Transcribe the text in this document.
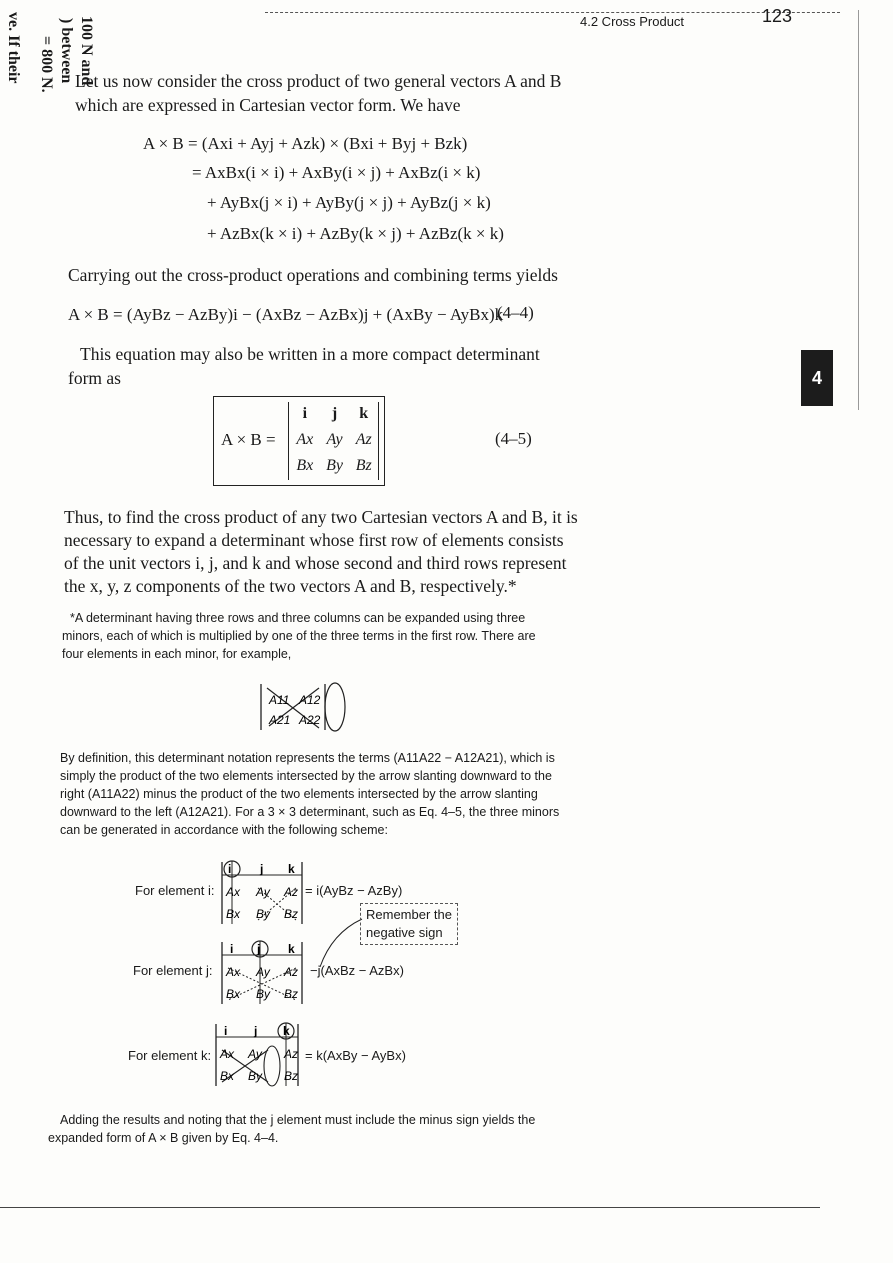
4.2 Cross Product	123
100 N and
) between
= 800 N.
ve. If their	Let us now consider the cross product of two general vectors A and B
which are expressed in Cartesian vector form. We have
A × B = (Axi + Ayj + Azk) × (Bxi + Byj + Bzk)
= AxBx(i × i) + AxBy(i × j) + AxBz(i × k)
+ AyBx(j × i) + AyBy(j × j) + AyBz(j × k)
+ AzBx(k × i) + AzBy(k × j) + AzBz(k × k)
Carrying out the cross-product operations and combining terms yields
A × B = (AyBz − AzBy)i − (AxBz − AzBx)j + (AxBy − AyBx)k
(4–4)
This equation may also be written in a more compact determinant
form as
A × B =
i	j	k
Ax	Ay	Az
Bx	By	Bz
(4–5)
4
Thus, to find the cross product of any two Cartesian vectors A and B, it is
necessary to expand a determinant whose first row of elements consists
of the unit vectors i, j, and k and whose second and third rows represent
the x, y, z components of the two vectors A and B, respectively.*
*A determinant having three rows and three columns can be expanded using three
minors, each of which is multiplied by one of the three terms in the first row. There are
four elements in each minor, for example,
A11 A12
A21 A22
By definition, this determinant notation represents the terms (A11A22 − A12A21), which is
simply the product of the two elements intersected by the arrow slanting downward to the
right (A11A22) minus the product of the two elements intersected by the arrow slanting
downward to the left (A12A21). For a 3 × 3 determinant, such as Eq. 4–5, the three minors
can be generated in accordance with the following scheme:
For element i:
i j k
Ax Ay Az
Bx By Bz
= i(AyBz − AzBy)
Remember the
negative sign
For element j:
i j k
Ax Ay Az
Bx By Bz
−j(AxBz − AzBx)
For element k:
i j k
Ax Ay Az
Bx By Bz
= k(AxBy − AyBx)
Adding the results and noting that the j element must include the minus sign yields the
expanded form of A × B given by Eq. 4–4.
